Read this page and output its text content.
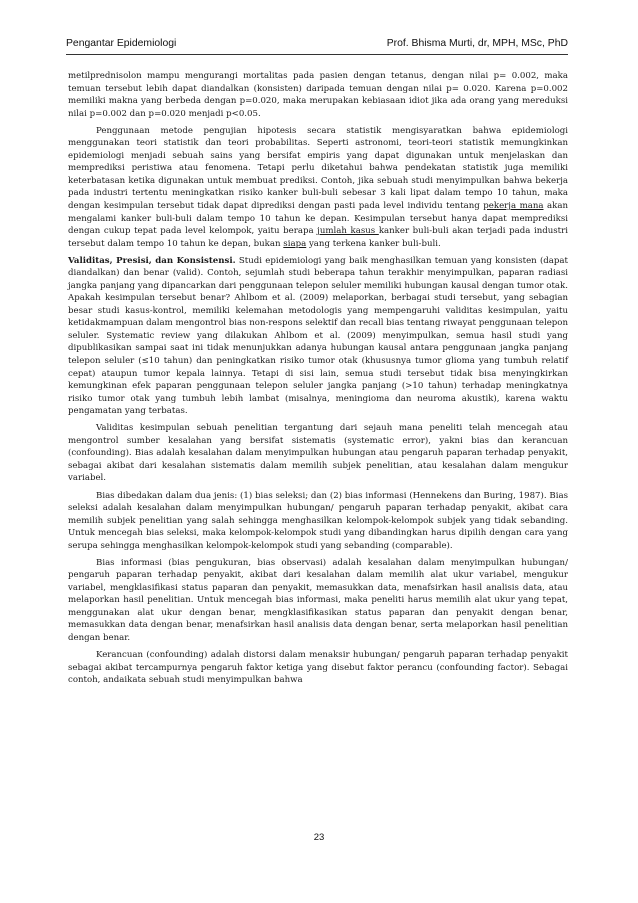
Pengantar Epidemiologi	Prof. Bhisma Murti, dr, MPH, MSc, PhD

metilprednisolon mampu mengurangi mortalitas pada pasien dengan tetanus, dengan nilai p= 0.002, maka temuan tersebut lebih dapat diandalkan (konsisten) daripada temuan dengan nilai p= 0.020. Karena p=0.002 memiliki makna yang berbeda dengan p=0.020, maka merupakan kebiasaan idiot jika ada orang yang mereduksi nilai p=0.002 dan p=0.020 menjadi p<0.05.

Penggunaan metode pengujian hipotesis secara statistik mengisyaratkan bahwa epidemiologi menggunakan teori statistik dan teori probabilitas. Seperti astronomi, teori-teori statistik memungkinkan epidemiologi menjadi sebuah sains yang bersifat empiris yang dapat digunakan untuk menjelaskan dan memprediksi peristiwa atau fenomena. Tetapi perlu diketahui bahwa pendekatan statistik juga memiliki keterbatasan ketika digunakan untuk membuat prediksi. Contoh, jika sebuah studi menyimpulkan bahwa bekerja pada industri tertentu meningkatkan risiko kanker buli-buli sebesar 3 kali lipat dalam tempo 10 tahun, maka dengan kesimpulan tersebut tidak dapat diprediksi dengan pasti pada level individu tentang pekerja mana akan mengalami kanker buli-buli dalam tempo 10 tahun ke depan. Kesimpulan tersebut hanya dapat memprediksi dengan cukup tepat pada level kelompok, yaitu berapa jumlah kasus kanker buli-buli akan terjadi pada industri tersebut dalam tempo 10 tahun ke depan, bukan siapa yang terkena kanker buli-buli.

Validitas, Presisi, dan Konsistensi. Studi epidemiologi yang baik menghasilkan temuan yang konsisten (dapat diandalkan) dan benar (valid). Contoh, sejumlah studi beberapa tahun terakhir menyimpulkan, paparan radiasi jangka panjang yang dipancarkan dari penggunaan telepon seluler memiliki hubungan kausal dengan tumor otak. Apakah kesimpulan tersebut benar? Ahlbom et al. (2009) melaporkan, berbagai studi tersebut, yang sebagian besar studi kasus-kontrol, memiliki kelemahan metodologis yang mempengaruhi validitas kesimpulan, yaitu ketidakmampuan dalam mengontrol bias non-respons selektif dan recall bias tentang riwayat penggunaan telepon seluler. Systematic review yang dilakukan Ahlbom et al. (2009) menyimpulkan, semua hasil studi yang dipublikasikan sampai saat ini tidak menunjukkan adanya hubungan kausal antara penggunaan jangka panjang telepon seluler (≤10 tahun) dan peningkatkan risiko tumor otak (khususnya tumor glioma yang tumbuh relatif cepat) ataupun tumor kepala lainnya. Tetapi di sisi lain, semua studi tersebut tidak bisa menyingkirkan kemungkinan efek paparan penggunaan telepon seluler jangka panjang (>10 tahun) terhadap meningkatnya risiko tumor otak yang tumbuh lebih lambat (misalnya, meningioma dan neuroma akustik), karena waktu pengamatan yang terbatas.

Validitas kesimpulan sebuah penelitian tergantung dari sejauh mana peneliti telah mencegah atau mengontrol sumber kesalahan yang bersifat sistematis (systematic error), yakni bias dan kerancuan (confounding). Bias adalah kesalahan dalam menyimpulkan hubungan atau pengaruh paparan terhadap penyakit, sebagai akibat dari kesalahan sistematis dalam memilih subjek penelitian, atau kesalahan dalam mengukur variabel.

Bias dibedakan dalam dua jenis: (1) bias seleksi; dan (2) bias informasi (Hennekens dan Buring, 1987). Bias seleksi adalah kesalahan dalam menyimpulkan hubungan/ pengaruh paparan terhadap penyakit, akibat cara memilih subjek penelitian yang salah sehingga menghasilkan kelompok-kelompok subjek yang tidak sebanding. Untuk mencegah bias seleksi, maka kelompok-kelompok studi yang dibandingkan harus dipilih dengan cara yang serupa sehingga menghasilkan kelompok-kelompok studi yang sebanding (comparable).

Bias informasi (bias pengukuran, bias observasi) adalah kesalahan dalam menyimpulkan hubungan/ pengaruh paparan terhadap penyakit, akibat dari kesalahan dalam memilih alat ukur variabel, mengukur variabel, mengklasifikasi status paparan dan penyakit, memasukkan data, menafsirkan hasil analisis data, atau melaporkan hasil penelitian. Untuk mencegah bias informasi, maka peneliti harus memilih alat ukur yang tepat, menggunakan alat ukur dengan benar, mengklasifikasikan status paparan dan penyakit dengan benar, memasukkan data dengan benar, menafsirkan hasil analisis data dengan benar, serta melaporkan hasil penelitian dengan benar.

Kerancuan (confounding) adalah distorsi dalam menaksir hubungan/ pengaruh paparan terhadap penyakit sebagai akibat tercampurnya pengaruh faktor ketiga yang disebut faktor perancu (confounding factor). Sebagai contoh, andaikata sebuah studi menyimpulkan bahwa

23
